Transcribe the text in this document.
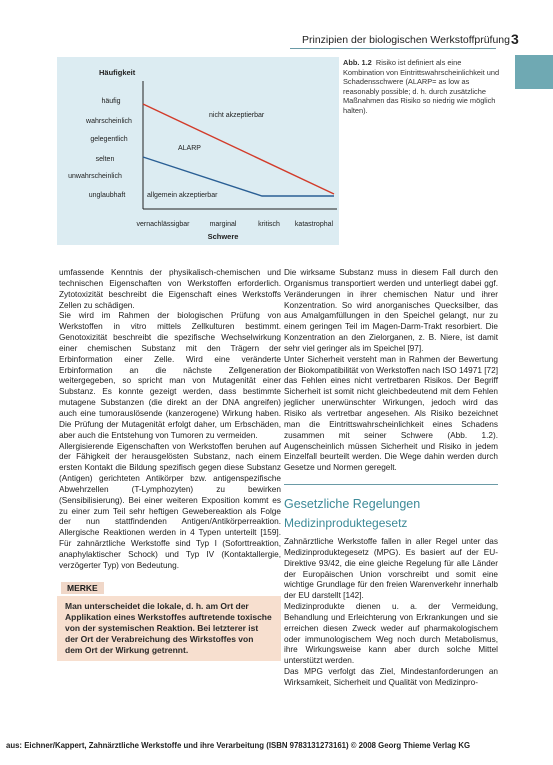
Prinzipien der biologischen Werkstoffprüfung 3
Häufigkeit
häufig
wahrscheinlich
gelegentlich
selten
unwahrscheinlich
unglaubhaft
nicht akzeptierbar
ALARP
allgemein akzeptierbar
vernachlässigbar	marginal	kritisch katastrophal
Schwere
Abb. 1.2 Risiko ist definiert als eine Kombination von Eintrittswahrscheinlichkeit und Schadensschwere (ALARP= as low as reasonably possible; d. h. durch zusätzliche Maßnahmen das Risiko so niedrig wie möglich halten).

umfassende Kenntnis der physikalisch-chemischen und technischen Eigenschaften von Werkstoffen erforderlich. Zytotoxizität beschreibt die Eigenschaft eines Werkstoffs Zellen zu schädigen.

Sie wird im Rahmen der biologischen Prüfung von Werkstoffen in vitro mittels Zellkulturen bestimmt. Genotoxizität beschreibt die spezifische Wechselwirkung einer chemischen Substanz mit den Trägern der Erbinformation einer Zelle. Wird eine veränderte Erbinformation an die nächste Zellgeneration weitergegeben, so spricht man von Mutagenität einer Substanz. Es konnte gezeigt werden, dass bestimmte mutagene Substanzen (die direkt an der DNA angreifen) auch eine tumorauslösende (kanzerogene) Wirkung haben. Die Prüfung der Mutagenität erfolgt daher, um Erbschäden, aber auch die Entstehung von Tumoren zu vermeiden.

Allergisierende Eigenschaften von Werkstoffen beruhen auf der Fähigkeit der herausgelösten Substanz, nach einem ersten Kontakt die Bildung spezifisch gegen diese Substanz (Antigen) gerichteten Antikörper bzw. antigenspezifische Abwehrzellen (T-Lymphozyten) zu bewirken (Sensibilisierung). Bei einer weiteren Exposition kommt es zu einer zum Teil sehr heftigen Gewebereaktion als Folge der nun stattfindenden Antigen/Antikörperreaktion. Allergische Reaktionen werden in 4 Typen unterteilt [159]. Für zahnärztliche Werkstoffe sind Typ I (Soforttreaktion, anaphylaktischer Schock) und Typ IV (Kontaktallergie, verzögerter Typ) von Bedeutung.

MERKE
Man unterscheidet die lokale, d. h. am Ort der Applikation eines Werkstoffes auftretende toxische von der systemischen Reaktion. Bei letzterer ist der Ort der Verabreichung des Wirkstoffes von dem Ort der Wirkung getrennt.

Die wirksame Substanz muss in diesem Fall durch den Organismus transportiert werden und unterliegt dabei ggf. Veränderungen in ihrer chemischen Natur und ihrer Konzentration. So wird anorganisches Quecksilber, das aus Amalgamfüllungen in den Speichel gelangt, nur zu einem geringen Teil im Magen-Darm-Trakt resorbiert. Die Konzentration an den Zielorganen, z. B. Niere, ist damit sehr viel geringer als im Speichel [97].

Unter Sicherheit versteht man in Rahmen der Bewertung der Biokompatibilität von Werkstoffen nach ISO 14971 [72] das Fehlen eines nicht vertretbaren Risikos. Der Begriff Sicherheit ist somit nicht gleichbedeutend mit dem Fehlen jeglicher unerwünschter Wirkungen, jedoch wird das Risiko als vertretbar angesehen. Als Risiko bezeichnet man die Eintrittswahrscheinlichkeit eines Schadens zusammen mit seiner Schwere (Abb. 1.2). Augenscheinlich müssen Sicherheit und Risiko in jedem Einzelfall beurteilt werden. Die Wege dahin werden durch Gesetze und Normen geregelt.

Gesetzliche Regelungen
Medizinproduktegesetz

Zahnärztliche Werkstoffe fallen in aller Regel unter das Medizinproduktegesetz (MPG). Es basiert auf der EU-Direktive 93/42, die eine gleiche Regelung für alle Länder der Europäischen Union vorschreibt und somit eine wichtige Grundlage für den freien Warenverkehr innerhalb der EU darstellt [142].

Medizinprodukte dienen u. a. der Vermeidung, Behandlung und Erleichterung von Erkrankungen und sie erreichen diesen Zweck weder auf pharmakologischem oder immunologischem Weg noch durch Metabolismus, ihre Wirkungsweise kann aber durch solche Mittel unterstützt werden.

Das MPG verfolgt das Ziel, Mindestanforderungen an Wirksamkeit, Sicherheit und Qualität von Medizinpro-

aus: Eichner/Kappert, Zahnärztliche Werkstoffe und ihre Verarbeitung (ISBN 9783131273161) © 2008 Georg Thieme Verlag KG
